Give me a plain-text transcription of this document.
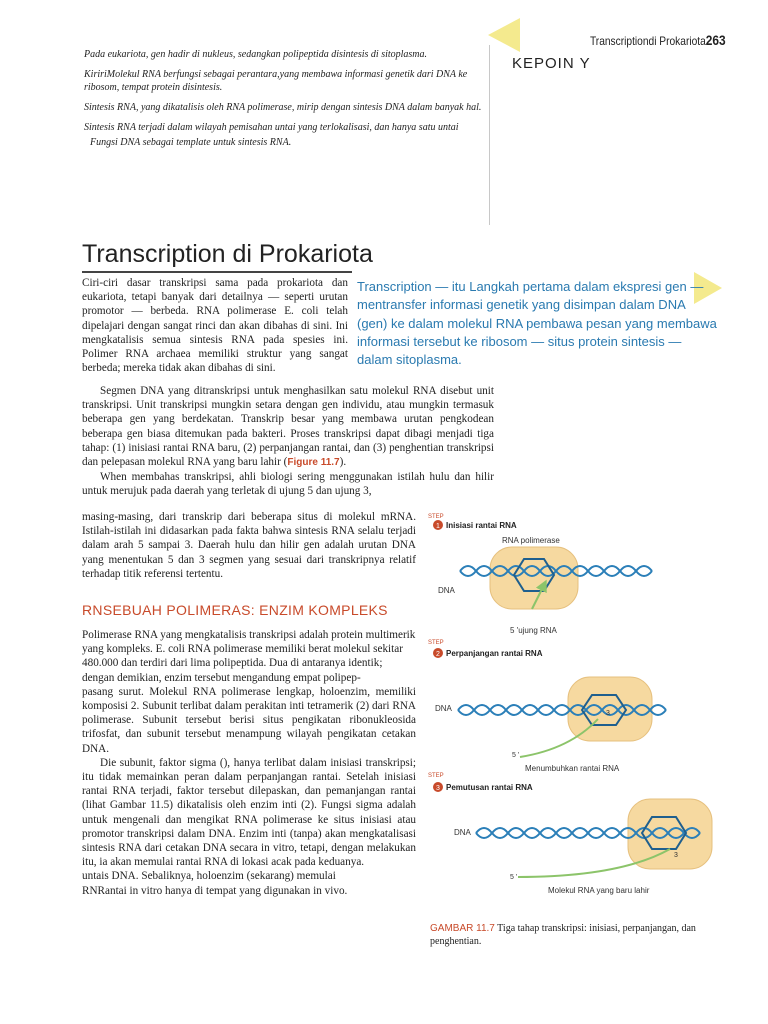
Transcriptiondi Prokariota263
KEPOIN Y

Pada eukariota, gen hadir di nukleus, sedangkan polipeptida disintesis di sitoplasma.

KiririMolekul RNA berfungsi sebagai perantara,yang membawa informasi genetik dari DNA ke ribosom, tempat protein disintesis.

Sintesis RNA, yang dikatalisis oleh RNA polimerase, mirip dengan sintesis DNA dalam banyak hal.

Sintesis RNA terjadi dalam wilayah pemisahan untai yang terlokalisasi, dan hanya satu untai

Fungsi DNA sebagai template untuk sintesis RNA.

Transcription di Prokariota
Transcription — itu Langkah pertama dalam ekspresi gen — mentransfer informasi genetik yang disimpan dalam DNA (gen) ke dalam molekul RNA pembawa pesan yang membawa informasi tersebut ke ribosom — situs protein sintesis — dalam sitoplasma.

Ciri-ciri dasar transkripsi sama pada prokariota dan eukariota, tetapi banyak dari detailnya — seperti urutan promotor — berbeda. RNA polimerase E. coli telah dipelajari dengan sangat rinci dan akan dibahas di sini. Ini mengkatalisis semua sintesis RNA pada spesies ini. Polimer RNA archaea memiliki struktur yang sangat berbeda; mereka tidak akan dibahas di sini.

Segmen DNA yang ditranskripsi untuk menghasilkan satu molekul RNA disebut unit transkripsi. Unit transkripsi mungkin setara dengan gen individu, atau mungkin termasuk beberapa gen yang berdekatan. Transkrip besar yang membawa urutan pengkodean beberapa gen biasa ditemukan pada bakteri. Proses transkripsi dapat dibagi menjadi tiga tahap: (1) inisiasi rantai RNA baru, (2) perpanjangan rantai, dan (3) penghentian transkripsi dan pelepasan molekul RNA yang baru lahir (Figure 11.7).

When membahas transkripsi, ahli biologi sering menggunakan istilah hulu dan hilir untuk merujuk pada daerah yang terletak di ujung 5 dan ujung 3,

masing-masing, dari transkrip dari beberapa situs di molekul mRNA. Istilah-istilah ini didasarkan pada fakta bahwa sintesis RNA selalu terjadi dalam arah 5 sampai 3. Daerah hulu dan hilir gen adalah urutan DNA yang menentukan 5 dan 3 segmen yang sesuai dari transkripnya relatif terhadap titik referensi tertentu.

RNSEBUAH POLIMERAS: ENZIM KOMPLEKS

Polimerase RNA yang mengkatalisis transkripsi adalah protein multimerik yang kompleks. E. coli RNA polimerase memiliki berat molekul sekitar 480.000 dan terdiri dari lima polipeptida. Dua di antaranya identik; dengan demikian, enzim tersebut mengandung empat polipep-

pasang surut. Molekul RNA polimerase lengkap, holoenzim, memiliki komposisi 2. Subunit terlibat dalam perakitan inti tetramerik (2) dari RNA polimerase. Subunit tersebut berisi situs pengikatan ribonukleosida trifosfat, dan subunit tersebut menampung wilayah pengikatan cetakan DNA.

Die subunit, faktor sigma (), hanya terlibat dalam inisiasi transkripsi; itu tidak memainkan peran dalam perpanjangan rantai. Setelah inisiasi rantai RNA terjadi, faktor tersebut dilepaskan, dan pemanjangan rantai (lihat Gambar 11.5) dikatalisis oleh enzim inti (2). Fungsi sigma adalah untuk mengenali dan mengikat RNA polimerase ke situs inisiasi atau promotor transkripsi dalam DNA. Enzim inti (tanpa) akan mengkatalisasi sintesis RNA dari cetakan DNA secara in vitro, tetapi, dengan melakukan itu, ia akan memulai rantai RNA di lokasi acak pada keduanya.

untais DNA. Sebaliknya, holoenzim (sekarang) memulai

RNRantai in vitro hanya di tempat yang digunakan in vivo.

STEP
1 Inisiasi rantai RNA
RNA polimerase
DNA
5 'ujung RNA
STEP
2 Perpanjangan rantai RNA
DNA
3
5 '
Menumbuhkan rantai RNA
STEP
3 Pemutusan rantai RNA
DNA
3
5 '
Molekul RNA yang baru lahir
GAMBAR 11.7 Tiga tahap transkripsi: inisiasi, perpanjangan, dan penghentian.
